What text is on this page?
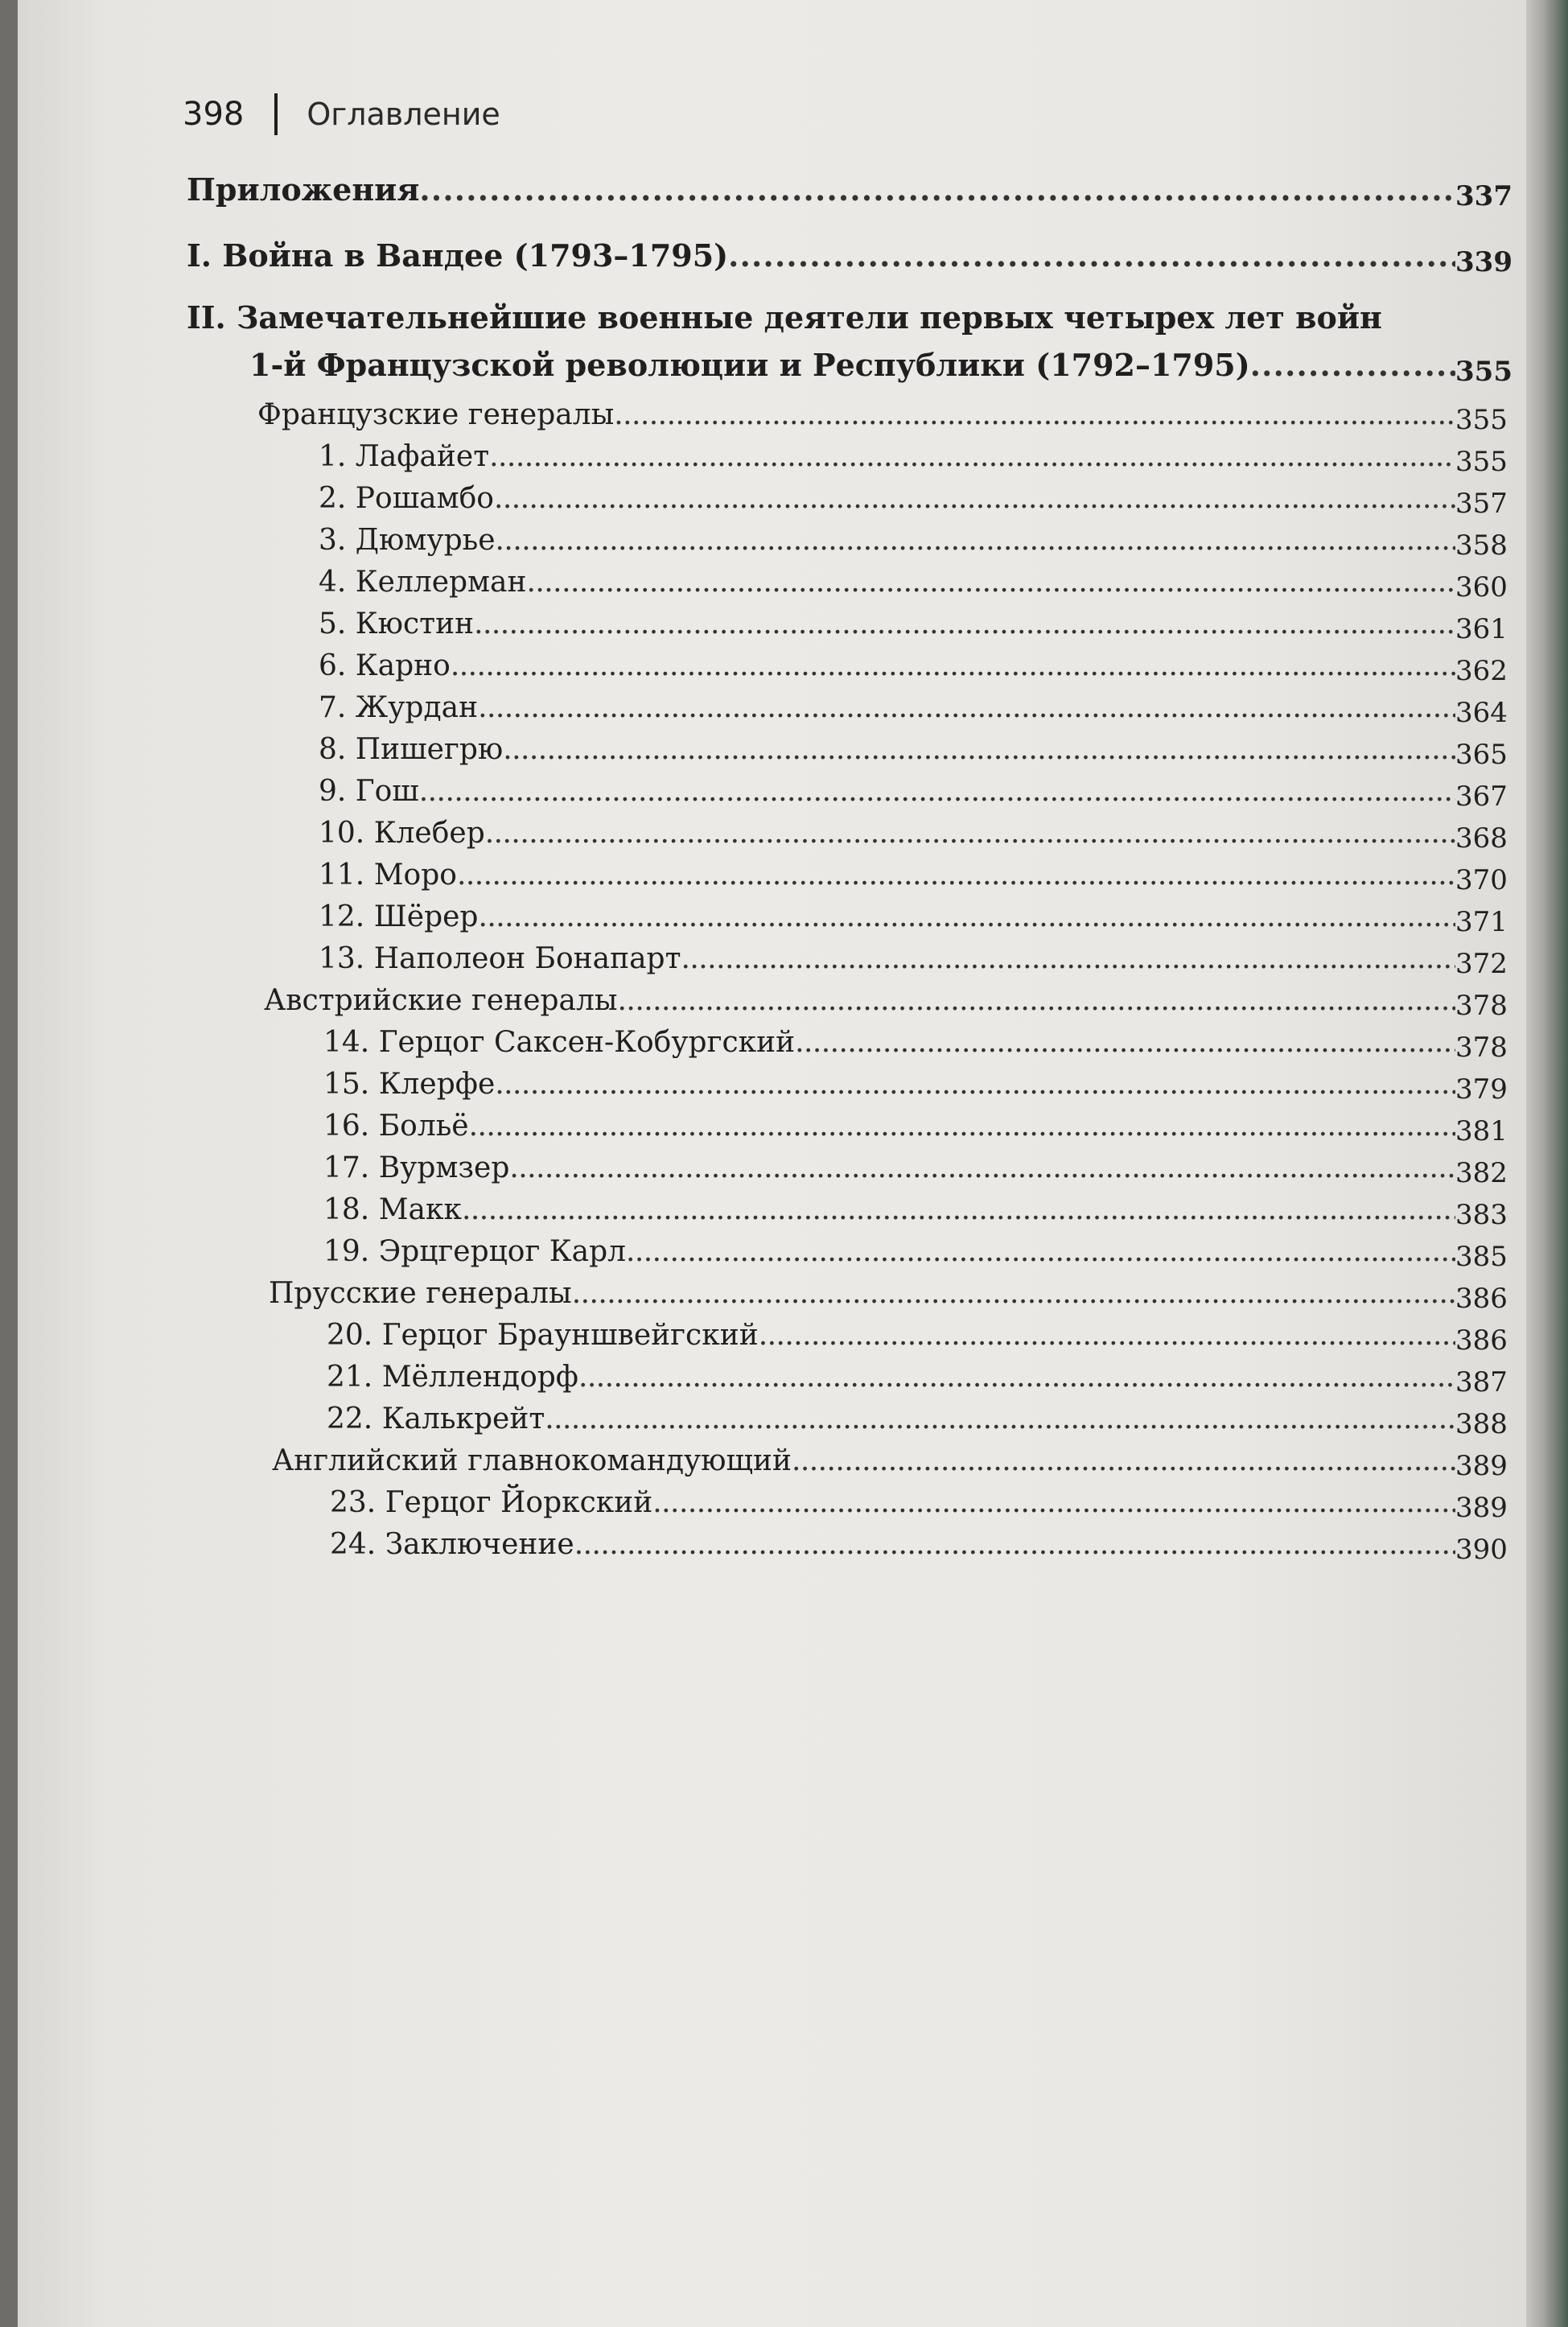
398 Оглавление
Приложения . . .	337
I. Война в Вандее (1793–1795) . . .	339
II. Замечательнейшие военные деятели первых четырех лет войн
1-й Французской революции и Республики (1792–1795) . . .	355
Французские генералы . . .	355
1. Лафайет . . .	355
2. Рошамбо . . .	357
3. Дюмурье . . .	358
4. Келлерман . . .	360
5. Кюстин . . .	361
6. Карно . . .	362
7. Журдан . . .	364
8. Пишегрю . . .	365
9. Гош . . .	367
10. Клебер . . .	368
11. Моро . . .	370
12. Шёрер . . .	371
13. Наполеон Бонапарт . . .	372
Австрийские генералы . . .	378
14. Герцог Саксен-Кобургский . . .	378
15. Клерфе . . .	379
16. Больё . . .	381
17. Вурмзер . . .	382
18. Макк . . .	383
19. Эрцгерцог Карл . . .	385
Прусские генералы . . .	386
20. Герцог Брауншвейгский . . .	386
21. Мёллендорф . . .	387
22. Калькрейт . . .	388
Английский главнокомандующий . . .	389
23. Герцог Йоркский . . .	389
24. Заключение . . .	390
